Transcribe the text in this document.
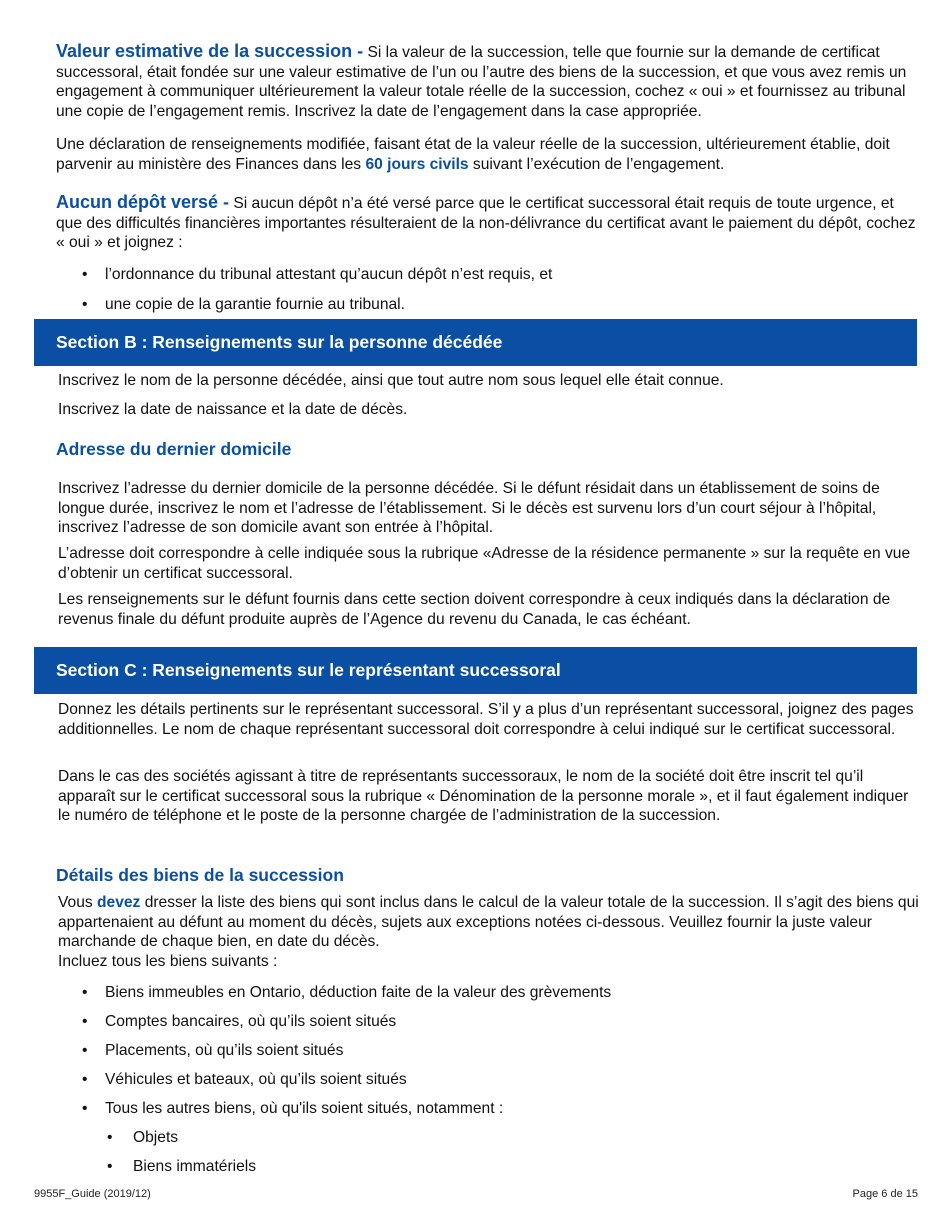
Valeur estimative de la succession - Si la valeur de la succession, telle que fournie sur la demande de certificat successoral, était fondée sur une valeur estimative de l’un ou l’autre des biens de la succession, et que vous avez remis un engagement à communiquer ultérieurement la valeur totale réelle de la succession, cochez « oui » et fournissez au tribunal une copie de l’engagement remis. Inscrivez la date de l’engagement dans la case appropriée.

Une déclaration de renseignements modifiée, faisant état de la valeur réelle de la succession, ultérieurement établie, doit parvenir au ministère des Finances dans les 60 jours civils suivant l’exécution de l’engagement.

Aucun dépôt versé - Si aucun dépôt n’a été versé parce que le certificat successoral était requis de toute urgence, et que des difficultés financières importantes résulteraient de la non-délivrance du certificat avant le paiement du dépôt, cochez « oui » et joignez :

• l’ordonnance du tribunal attestant qu’aucun dépôt n’est requis, et
• une copie de la garantie fournie au tribunal.
Section B : Renseignements sur la personne décédée

Inscrivez le nom de la personne décédée, ainsi que tout autre nom sous lequel elle était connue.

Inscrivez la date de naissance et la date de décès.

Adresse du dernier domicile

Inscrivez l’adresse du dernier domicile de la personne décédée. Si le défunt résidait dans un établissement de soins de longue durée, inscrivez le nom et l’adresse de l’établissement. Si le décès est survenu lors d’un court séjour à l’hôpital, inscrivez l’adresse de son domicile avant son entrée à l’hôpital.

L’adresse doit correspondre à celle indiquée sous la rubrique «Adresse de la résidence permanente » sur la requête en vue d’obtenir un certificat successoral.

Les renseignements sur le défunt fournis dans cette section doivent correspondre à ceux indiqués dans la déclaration de revenus finale du défunt produite auprès de l’Agence du revenu du Canada, le cas échéant.

Section C : Renseignements sur le représentant successoral

Donnez les détails pertinents sur le représentant successoral. S’il y a plus d’un représentant successoral, joignez des pages additionnelles. Le nom de chaque représentant successoral doit correspondre à celui indiqué sur le certificat successoral.

Dans le cas des sociétés agissant à titre de représentants successoraux, le nom de la société doit être inscrit tel qu’il apparaît sur le certificat successoral sous la rubrique « Dénomination de la personne morale », et il faut également indiquer le numéro de téléphone et le poste de la personne chargée de l’administration de la succession.

Détails des biens de la succession

Vous devez dresser la liste des biens qui sont inclus dans le calcul de la valeur totale de la succession. Il s’agit des biens qui appartenaient au défunt au moment du décès, sujets aux exceptions notées ci-dessous. Veuillez fournir la juste valeur marchande de chaque bien, en date du décès.

Incluez tous les biens suivants :

• Biens immeubles en Ontario, déduction faite de la valeur des grèvements
• Comptes bancaires, où qu’ils soient situés
• Placements, où qu’ils soient situés
• Véhicules et bateaux, où qu’ils soient situés
• Tous les autres biens, où qu'ils soient situés, notamment :
• Objets
• Biens immatériels
9955F_Guide (2019/12)	Page 6 de 15
